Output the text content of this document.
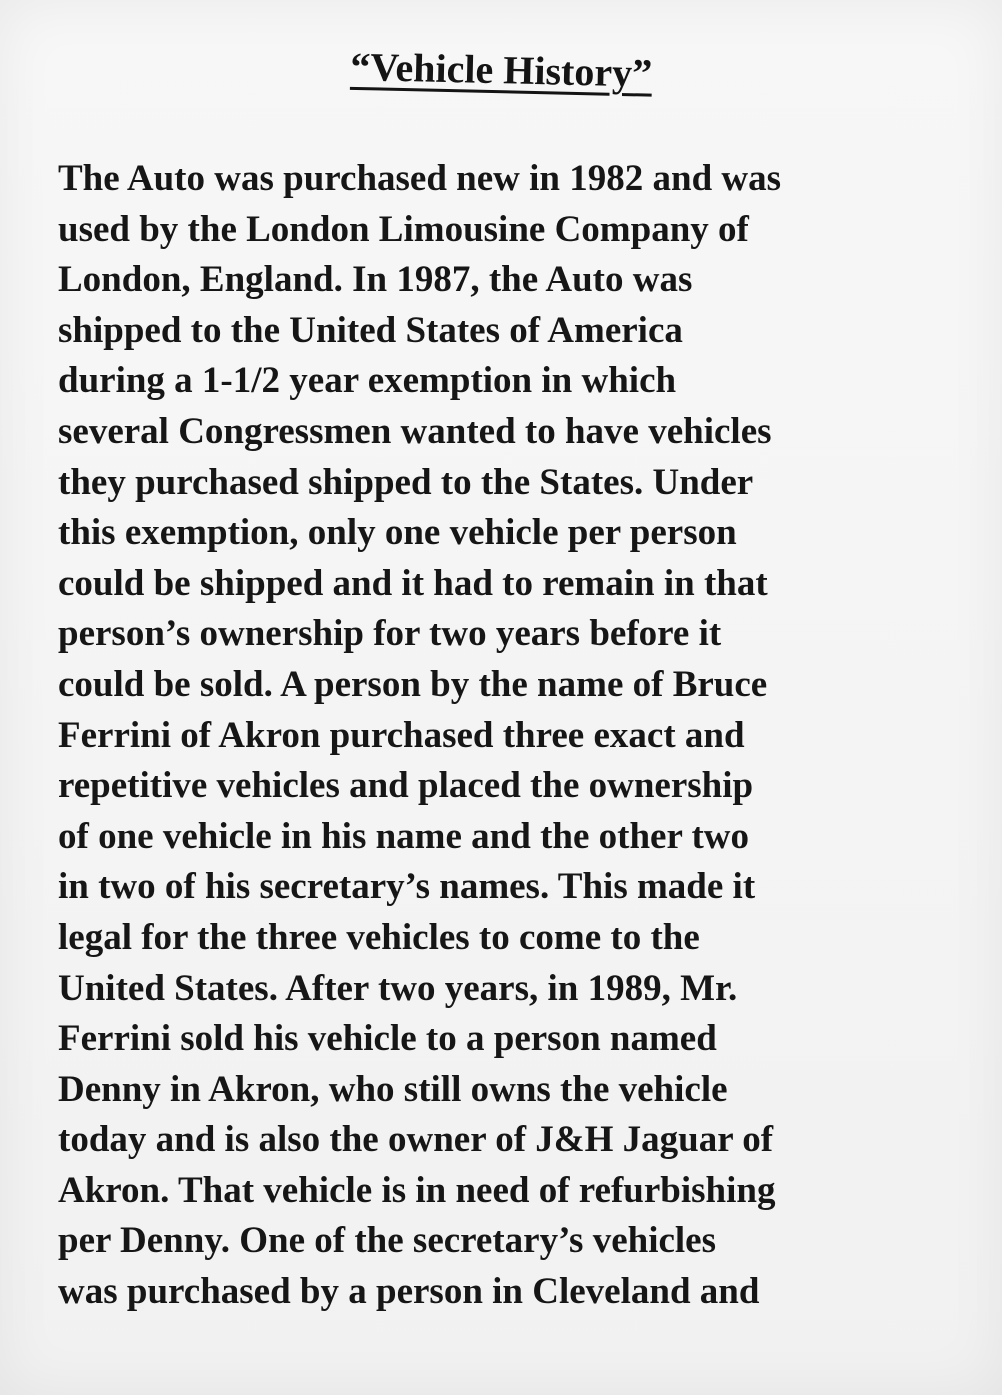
“Vehicle History”
The Auto was purchased new in 1982 and was
used by the London Limousine Company of
London, England. In 1987, the Auto was
shipped to the United States of America
during a 1-1/2 year exemption in which
several Congressmen wanted to have vehicles
they purchased shipped to the States. Under
this exemption, only one vehicle per person
could be shipped and it had to remain in that
person’s ownership for two years before it
could be sold. A person by the name of Bruce
Ferrini of Akron purchased three exact and
repetitive vehicles and placed the ownership
of one vehicle in his name and the other two
in two of his secretary’s names. This made it
legal for the three vehicles to come to the
United States. After two years, in 1989, Mr.
Ferrini sold his vehicle to a person named
Denny in Akron, who still owns the vehicle
today and is also the owner of J&H Jaguar of
Akron. That vehicle is in need of refurbishing
per Denny. One of the secretary’s vehicles
was purchased by a person in Cleveland and
